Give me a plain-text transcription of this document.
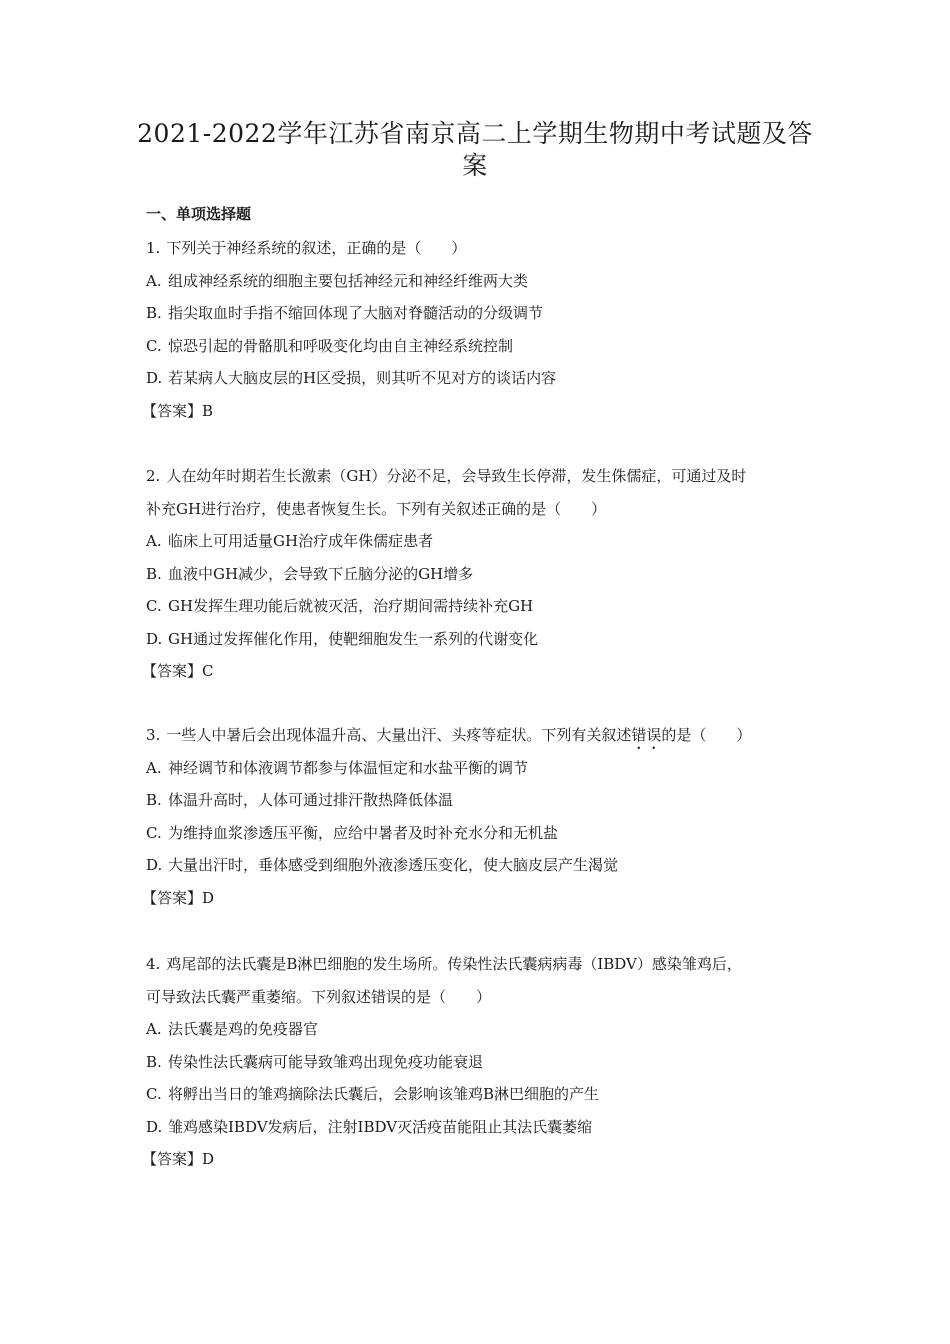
2021-2022学年江苏省南京高二上学期生物期中考试题及答案
一、单项选择题
1. 下列关于神经系统的叙述，正确的是（　　）
A. 组成神经系统的细胞主要包括神经元和神经纤维两大类
B. 指尖取血时手指不缩回体现了大脑对脊髓活动的分级调节
C. 惊恐引起的骨骼肌和呼吸变化均由自主神经系统控制
D. 若某病人大脑皮层的H区受损，则其听不见对方的谈话内容
【答案】B
2. 人在幼年时期若生长激素（GH）分泌不足，会导致生长停滞，发生侏儒症，可通过及时
补充GH进行治疗，使患者恢复生长。下列有关叙述正确的是（　　）
A. 临床上可用适量GH治疗成年侏儒症患者
B. 血液中GH减少，会导致下丘脑分泌的GH增多
C. GH发挥生理功能后就被灭活，治疗期间需持续补充GH
D. GH通过发挥催化作用，使靶细胞发生一系列的代谢变化
【答案】C
3. 一些人中暑后会出现体温升高、大量出汗、头疼等症状。下列有关叙述错误的是（　　）
A. 神经调节和体液调节都参与体温恒定和水盐平衡的调节
B. 体温升高时，人体可通过排汗散热降低体温
C. 为维持血浆渗透压平衡，应给中暑者及时补充水分和无机盐
D. 大量出汗时，垂体感受到细胞外液渗透压变化，使大脑皮层产生渴觉
【答案】D
4. 鸡尾部的法氏囊是B淋巴细胞的发生场所。传染性法氏囊病病毒（IBDV）感染雏鸡后，
可导致法氏囊严重萎缩。下列叙述错误的是（　　）
A. 法氏囊是鸡的免疫器官
B. 传染性法氏囊病可能导致雏鸡出现免疫功能衰退
C. 将孵出当日的雏鸡摘除法氏囊后，会影响该雏鸡B淋巴细胞的产生
D. 雏鸡感染IBDV发病后，注射IBDV灭活疫苗能阻止其法氏囊萎缩
【答案】D
